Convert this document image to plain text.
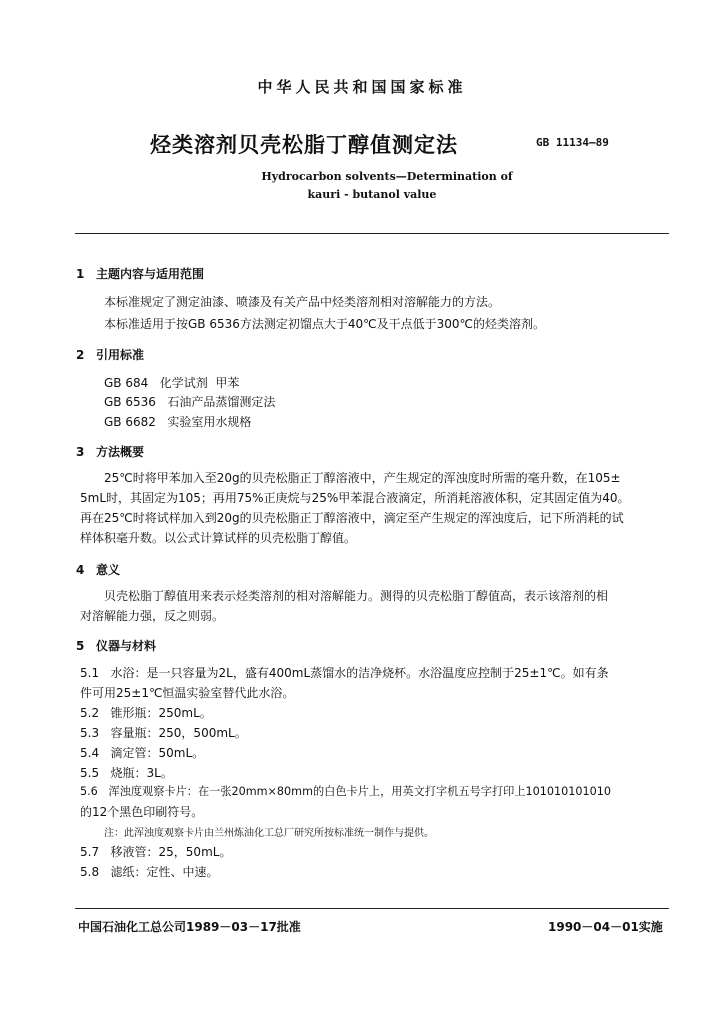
中华人民共和国国家标准
烃类溶剂贝壳松脂丁醇值测定法	GB 11134—89
Hydrocarbon solvents—Determination of
kauri - butanol value
1 主题内容与适用范围
本标准规定了测定油漆、喷漆及有关产品中烃类溶剂相对溶解能力的方法。
本标准适用于按GB 6536方法测定初馏点大于40℃及干点低于300℃的烃类溶剂。
2 引用标准
GB 684   化学试剂  甲苯
GB 6536   石油产品蒸馏测定法
GB 6682   实验室用水规格
3 方法概要
25℃时将甲苯加入至20g的贝壳松脂正丁醇溶液中，产生规定的浑浊度时所需的毫升数，在105±
5mL时，其固定为105；再用75%正庚烷与25%甲苯混合液滴定，所消耗溶液体积，定其固定值为40。
再在25℃时将试样加入到20g的贝壳松脂正丁醇溶液中，滴定至产生规定的浑浊度后，记下所消耗的试
样体积毫升数。以公式计算试样的贝壳松脂丁醇值。
4 意义
贝壳松脂丁醇值用来表示烃类溶剂的相对溶解能力。测得的贝壳松脂丁醇值高，表示该溶剂的相
对溶解能力强，反之则弱。
5 仪器与材料
5.1   水浴：是一只容量为2L，盛有400mL蒸馏水的洁净烧杯。水浴温度应控制于25±1℃。如有条
件可用25±1℃恒温实验室替代此水浴。
5.2   锥形瓶：250mL。
5.3   容量瓶：250，500mL。
5.4   滴定管：50mL。
5.5   烧瓶：3L。
5.6   浑浊度观察卡片：在一张20mm×80mm的白色卡片上，用英文打字机五号字打印上101010101010
的12个黑色印刷符号。
注：此浑浊度观察卡片由兰州炼油化工总厂研究所按标准统一制作与提供。
5.7   移液管：25，50mL。
5.8   滤纸：定性、中速。
中国石油化工总公司1989－03－17批准	1990－04－01实施
